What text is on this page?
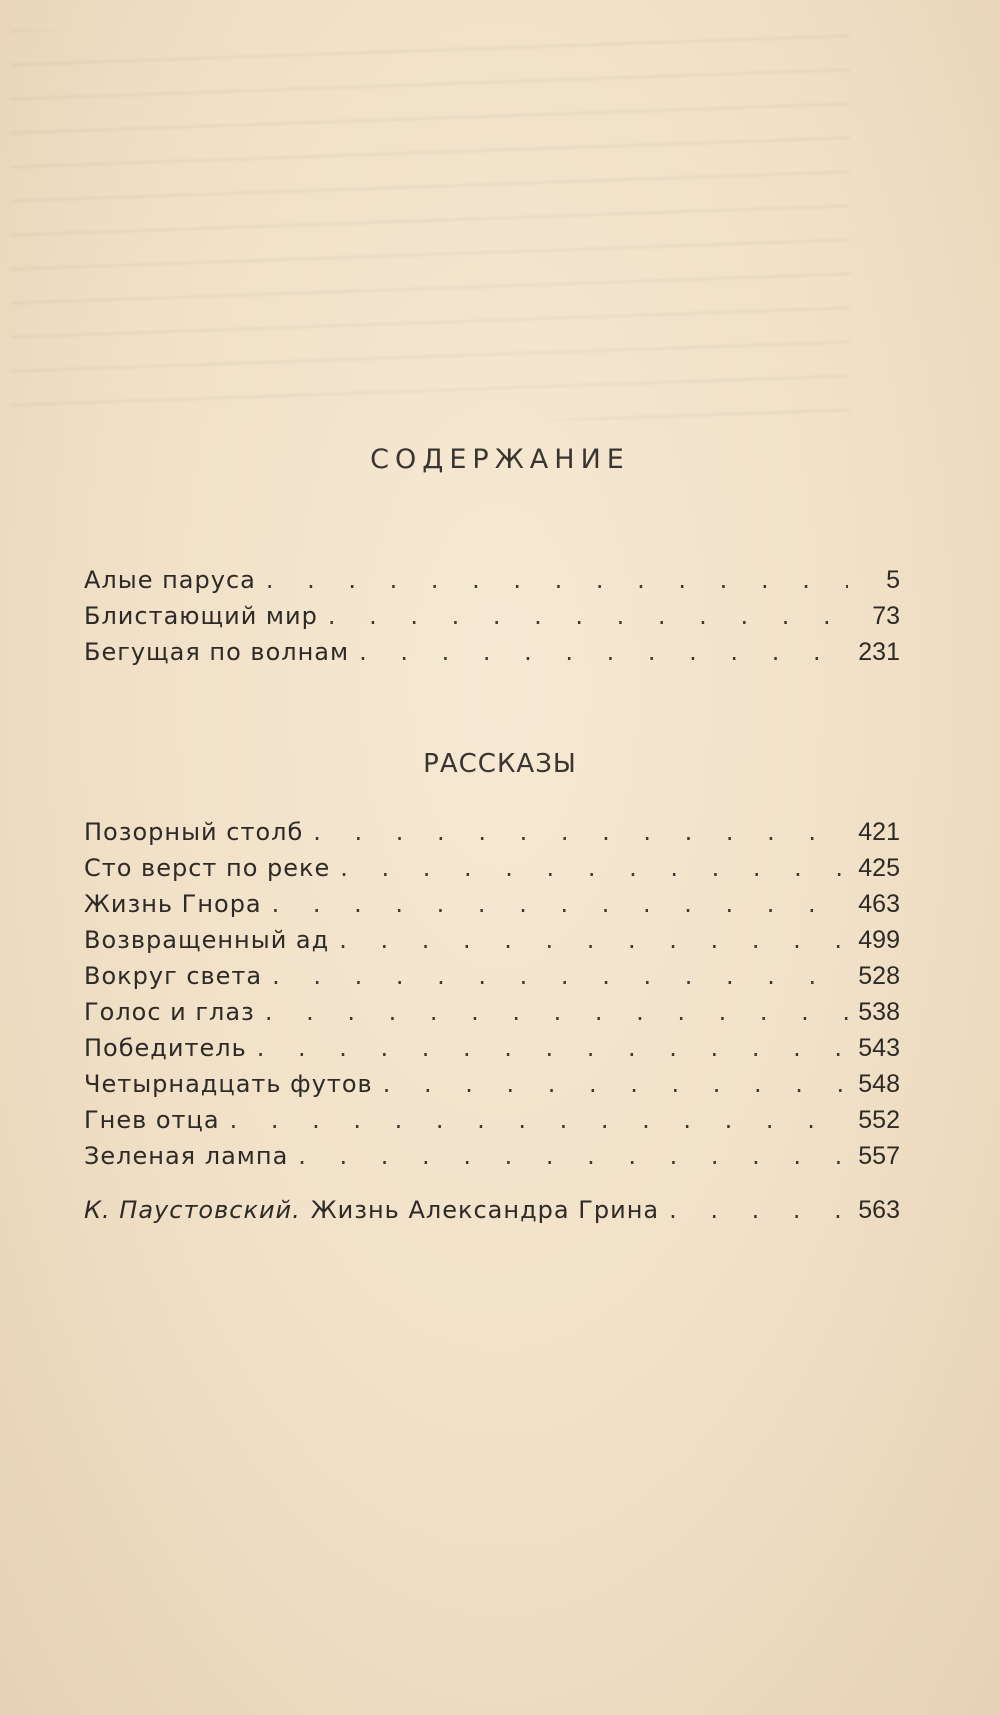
СОДЕРЖАНИЕ
Алые паруса . . .	5
Блистающий мир . . .	73
Бегущая по волнам . . .	231
РАССКАЗЫ
Позорный столб . . .	421
Сто верст по реке . . .	425
Жизнь Гнора . . .	463
Возвращенный ад . . .	499
Вокруг света . . .	528
Голос и глаз . . .	538
Победитель . . .	543
Четырнадцать футов . . .	548
Гнев отца . . .	552
Зеленая лампа . . .	557
К. Паустовский. Жизнь Александра Грина . . .	563
